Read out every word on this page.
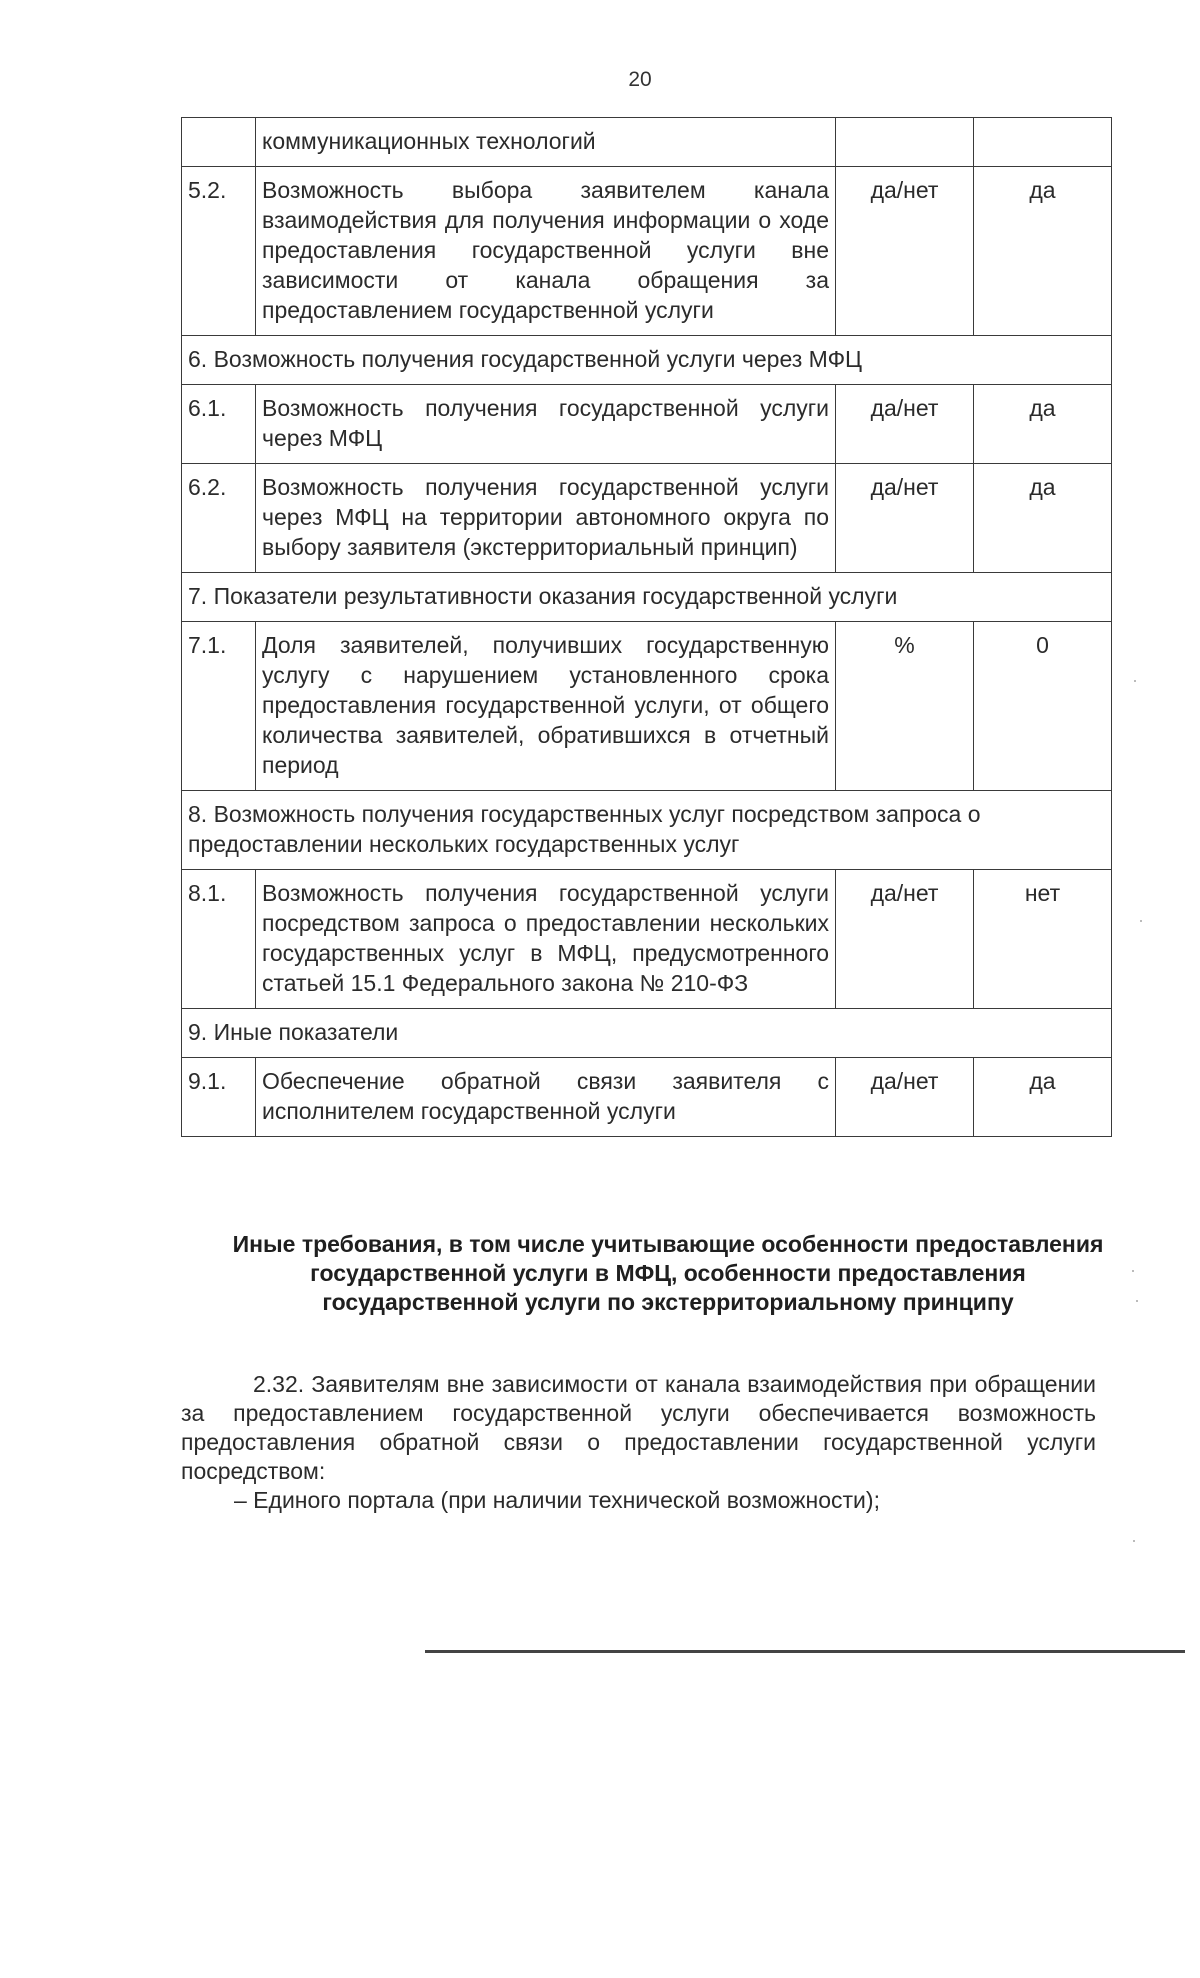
20
	коммуникационных технологий		
5.2.	Возможность выбора заявителем канала взаимодействия для получения информации о ходе предоставления государственной услуги вне зависимости от канала обращения за предоставлением государственной услуги	да/нет	да
6. Возможность получения государственной услуги через МФЦ			
6.1.	Возможность получения государственной услуги через МФЦ	да/нет	да
6.2.	Возможность получения государственной услуги через МФЦ на территории автономного округа по выбору заявителя (экстерриториальный принцип)	да/нет	да
7. Показатели результативности оказания государственной услуги			
7.1.	Доля заявителей, получивших государственную услугу с нарушением установленного срока предоставления государственной услуги, от общего количества заявителей, обратившихся в отчетный период	%	0
8. Возможность получения государственных услуг посредством запроса о предоставлении нескольких государственных услуг			
8.1.	Возможность получения государственной услуги посредством запроса о предоставлении нескольких государственных услуг в МФЦ, предусмотренного статьей 15.1 Федерального закона № 210-ФЗ	да/нет	нет
9. Иные показатели			
9.1.	Обеспечение обратной связи заявителя с исполнителем государственной услуги	да/нет	да
Иные требования, в том числе учитывающие особенности предоставления государственной услуги в МФЦ, особенности предоставления государственной услуги по экстерриториальному принципу
2.32. Заявителям вне зависимости от канала взаимодействия при обращении за предоставлением государственной услуги обеспечивается возможность предоставления обратной связи о предоставлении государственной услуги посредством:
– Единого портала (при наличии технической возможности);
